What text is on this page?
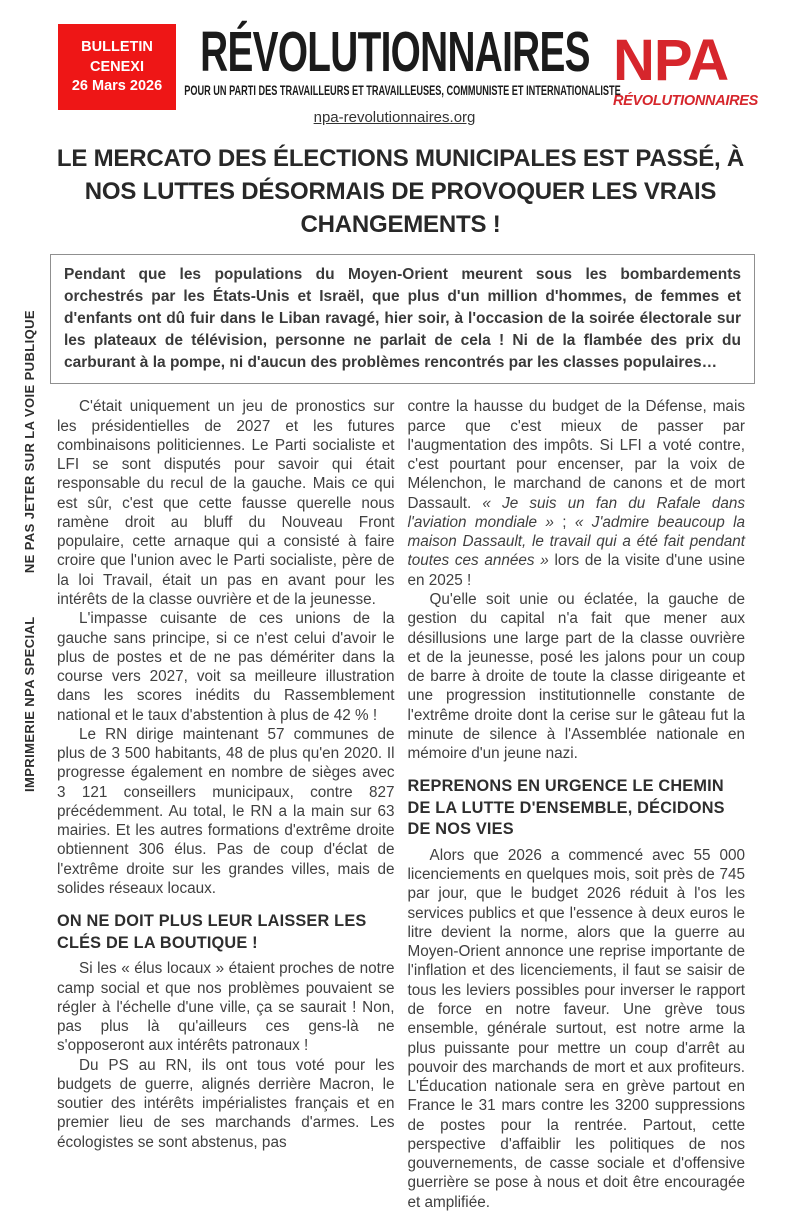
IMPRIMERIE NPA SPECIAL
NE PAS JETER SUR LA VOIE PUBLIQUE
BULLETIN
CENEXI
26 Mars 2026
RÉVOLUTIONNAIRES
POUR UN PARTI DES TRAVAILLEURS ET TRAVAILLEUSES, COMMUNISTE ET INTERNATIONALISTE
npa-revolutionnaires.org
NPA
RÉVOLUTIONNAIRES
LE MERCATO DES ÉLECTIONS MUNICIPALES EST PASSÉ, À NOS LUTTES DÉSORMAIS DE PROVOQUER LES VRAIS CHANGEMENTS !
Pendant que les populations du Moyen-Orient meurent sous les bombardements orchestrés par les États-Unis et Israël, que plus d'un million d'hommes, de femmes et d'enfants ont dû fuir dans le Liban ravagé, hier soir, à l'occasion de la soirée électorale sur les plateaux de télévision, personne ne parlait de cela ! Ni de la flambée des prix du carburant à la pompe, ni d'aucun des problèmes rencontrés par les classes populaires…

C'était uniquement un jeu de pronostics sur les présidentielles de 2027 et les futures combinaisons politiciennes. Le Parti socialiste et LFI se sont disputés pour savoir qui était responsable du recul de la gauche. Mais ce qui est sûr, c'est que cette fausse querelle nous ramène droit au bluff du Nouveau Front populaire, cette arnaque qui a consisté à faire croire que l'union avec le Parti socialiste, père de la loi Travail, était un pas en avant pour les intérêts de la classe ouvrière et de la jeunesse.

L'impasse cuisante de ces unions de la gauche sans principe, si ce n'est celui d'avoir le plus de postes et de ne pas démériter dans la course vers 2027, voit sa meilleure illustration dans les scores inédits du Rassemblement national et le taux d'abstention à plus de 42 % !

Le RN dirige maintenant 57 communes de plus de 3 500 habitants, 48 de plus qu'en 2020. Il progresse également en nombre de sièges avec 3 121 conseillers municipaux, contre 827 précédemment. Au total, le RN a la main sur 63 mairies. Et les autres formations d'extrême droite obtiennent 306 élus. Pas de coup d'éclat de l'extrême droite sur les grandes villes, mais de solides réseaux locaux.

ON NE DOIT PLUS LEUR LAISSER LES CLÉS DE LA BOUTIQUE !

Si les « élus locaux » étaient proches de notre camp social et que nos problèmes pouvaient se régler à l'échelle d'une ville, ça se saurait ! Non, pas plus là qu'ailleurs ces gens-là ne s'opposeront aux intérêts patronaux !

Du PS au RN, ils ont tous voté pour les budgets de guerre, alignés derrière Macron, le soutier des intérêts impérialistes français et en premier lieu de ses marchands d'armes. Les écologistes se sont abstenus, pas

contre la hausse du budget de la Défense, mais parce que c'est mieux de passer par l'augmentation des impôts. Si LFI a voté contre, c'est pourtant pour encenser, par la voix de Mélenchon, le marchand de canons et de mort Dassault. « Je suis un fan du Rafale dans l'aviation mondiale » ; « J'admire beaucoup la maison Dassault, le travail qui a été fait pendant toutes ces années » lors de la visite d'une usine en 2025 !

Qu'elle soit unie ou éclatée, la gauche de gestion du capital n'a fait que mener aux désillusions une large part de la classe ouvrière et de la jeunesse, posé les jalons pour un coup de barre à droite de toute la classe dirigeante et une progression institutionnelle constante de l'extrême droite dont la cerise sur le gâteau fut la minute de silence à l'Assemblée nationale en mémoire d'un jeune nazi.

REPRENONS EN URGENCE LE CHEMIN DE LA LUTTE D'ENSEMBLE, DÉCIDONS DE NOS VIES

Alors que 2026 a commencé avec 55 000 licenciements en quelques mois, soit près de 745 par jour, que le budget 2026 réduit à l'os les services publics et que l'essence à deux euros le litre devient la norme, alors que la guerre au Moyen-Orient annonce une reprise importante de l'inflation et des licenciements, il faut se saisir de tous les leviers possibles pour inverser le rapport de force en notre faveur. Une grève tous ensemble, générale surtout, est notre arme la plus puissante pour mettre un coup d'arrêt au pouvoir des marchands de mort et aux profiteurs. L'Éducation nationale sera en grève partout en France le 31 mars contre les 3200 suppressions de postes pour la rentrée. Partout, cette perspective d'affaiblir les politiques de nos gouvernements, de casse sociale et d'offensive guerrière se pose à nous et doit être encouragée et amplifiée.
